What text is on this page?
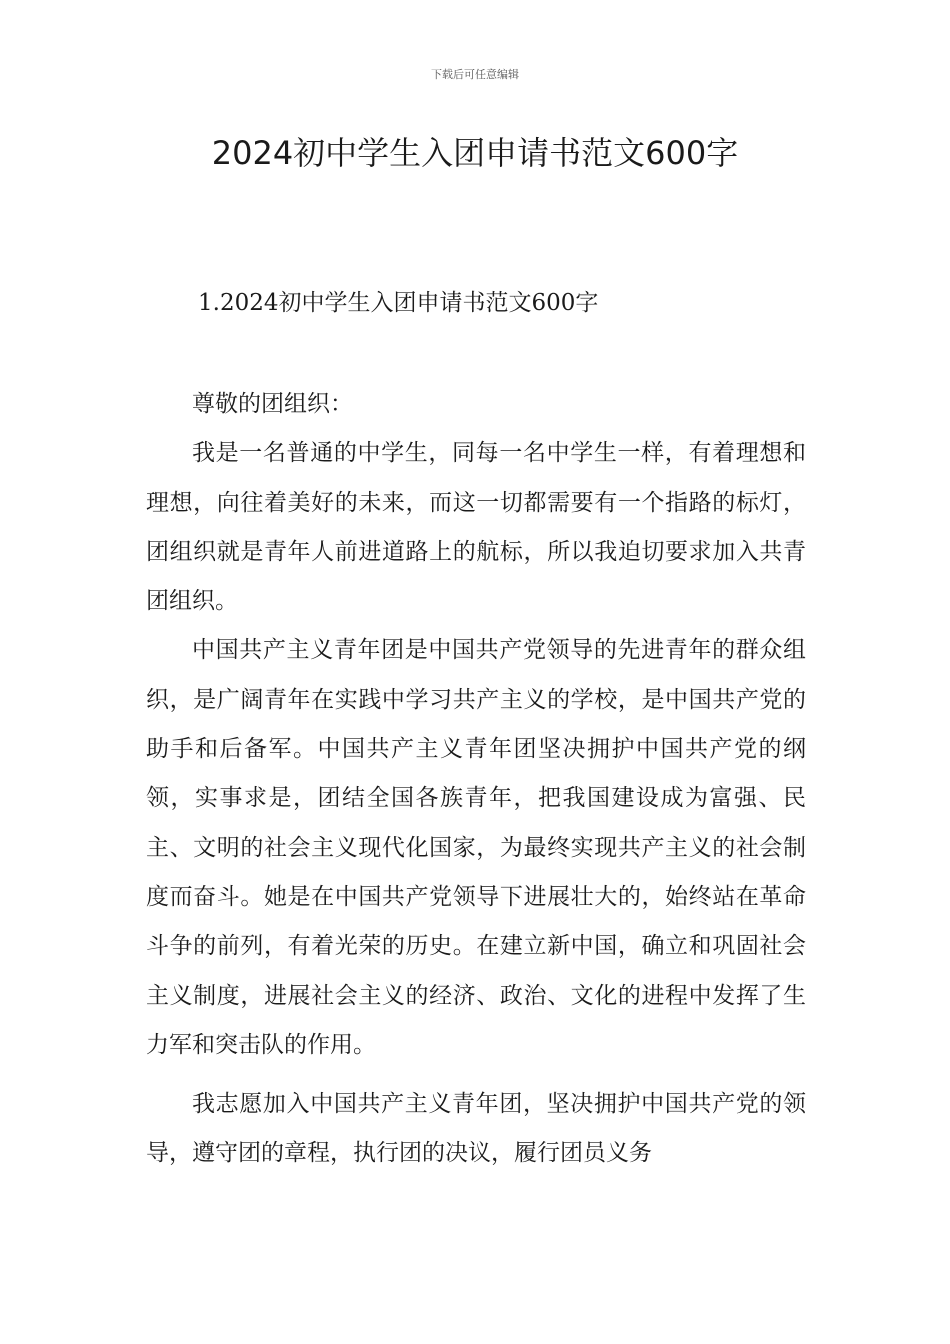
下载后可任意编辑
2024初中学生入团申请书范文600字
1.2024初中学生入团申请书范文600字

尊敬的团组织：

我是一名普通的中学生，同每一名中学生一样，有着理想和理想，向往着美好的未来，而这一切都需要有一个指路的标灯，团组织就是青年人前进道路上的航标，所以我迫切要求加入共青团组织。

中国共产主义青年团是中国共产党领导的先进青年的群众组织，是广阔青年在实践中学习共产主义的学校，是中国共产党的助手和后备军。中国共产主义青年团坚决拥护中国共产党的纲领，实事求是，团结全国各族青年，把我国建设成为富强、民主、文明的社会主义现代化国家，为最终实现共产主义的社会制度而奋斗。她是在中国共产党领导下进展壮大的，始终站在革命斗争的前列，有着光荣的历史。在建立新中国，确立和巩固社会主义制度，进展社会主义的经济、政治、文化的进程中发挥了生力军和突击队的作用。

我志愿加入中国共产主义青年团，坚决拥护中国共产党的领导，遵守团的章程，执行团的决议，履行团员义务
